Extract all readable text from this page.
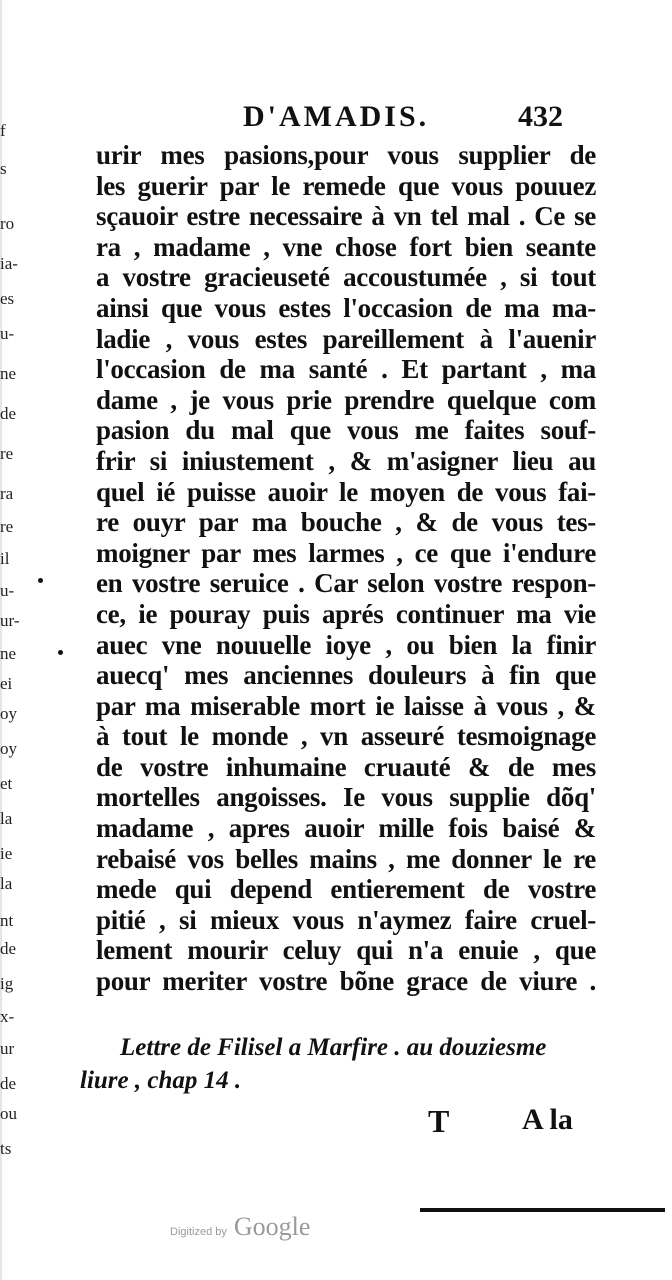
f
s
ro
ia-
es
u-
ne
de
re
ra
re
il
u-
ur-
ne
ei
oy
oy
et
la
ie
la
nt
de
ig
x-
ur
de
ou
ts
D'AMADIS.	432
urir mes pasions,pour vous supplier de
les guerir par le remede que vous pouuez
sçauoir estre necessaire à vn tel mal . Ce se
ra , madame , vne chose fort bien seante
a vostre gracieuseté accoustumée , si tout
ainsi que vous estes l'occasion de ma ma-
ladie , vous estes pareillement à l'auenir
l'occasion de ma santé . Et partant , ma
dame , je vous prie prendre quelque com
pasion du mal que vous me faites souf-
frir si iniustement , & m'asigner lieu au
quel ié puisse auoir le moyen de vous fai-
re ouyr par ma bouche , & de vous tes-
moigner par mes larmes , ce que i'endure
en vostre seruice . Car selon vostre respon-
ce, ie pouray puis aprés continuer ma vie
auec vne nouuelle ioye , ou bien la finir
auecq' mes anciennes douleurs à fin que
par ma miserable mort ie laisse à vous , &
à tout le monde , vn asseuré tesmoignage
de vostre inhumaine cruauté & de mes
mortelles angoisses. Ie vous supplie dõq'
madame , apres auoir mille fois baisé &
rebaisé vos belles mains , me donner le re
mede qui depend entierement de vostre
pitié , si mieux vous n'aymez faire cruel-
lement mourir celuy qui n'a enuie , que
pour meriter vostre bõne grace de viure .
Lettre de Filisel a Marfire . au douziesme
liure , chap 14 .
T A la
Digitized by Google
